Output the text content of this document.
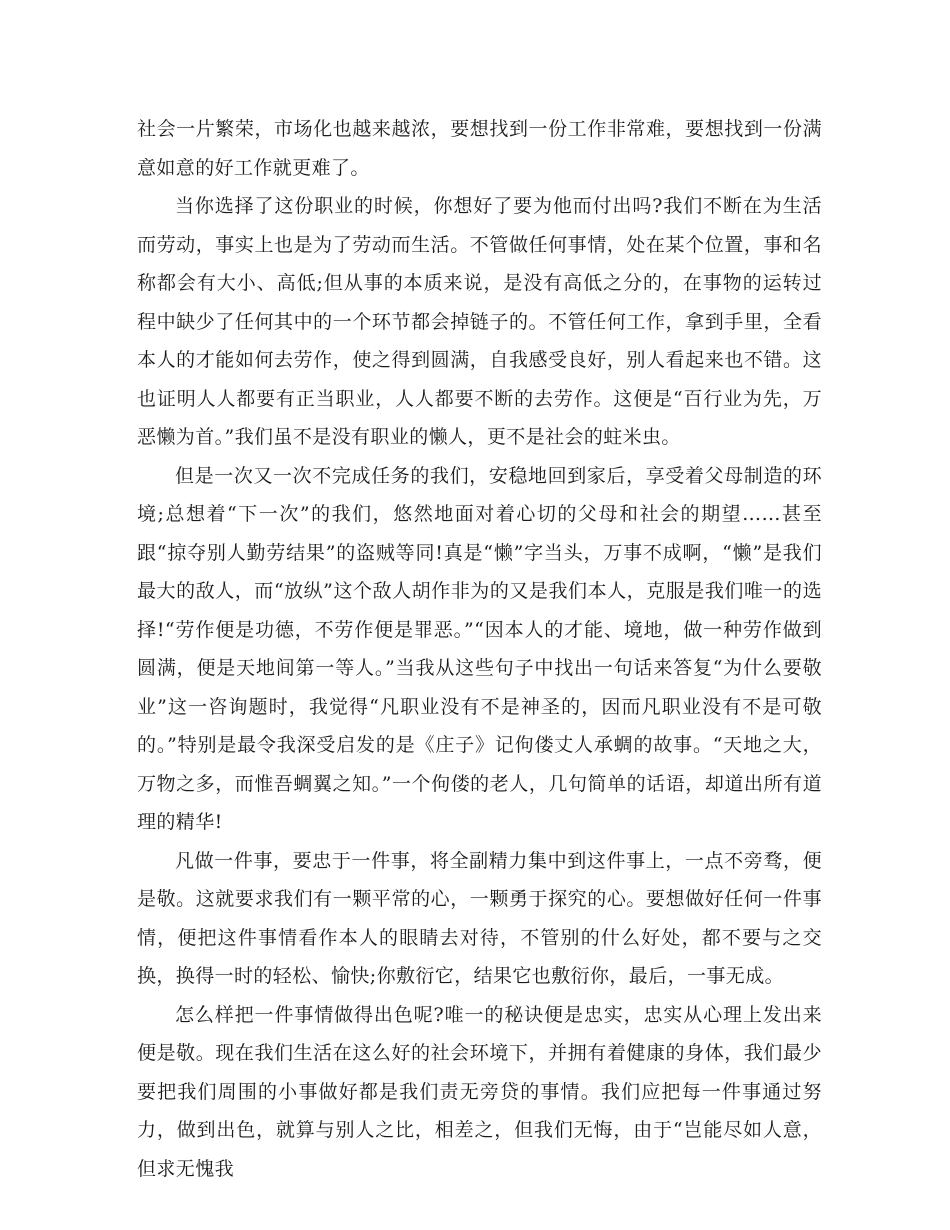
社会一片繁荣，市场化也越来越浓，要想找到一份工作非常难，要想找到一份满意如意的好工作就更难了。

当你选择了这份职业的时候，你想好了要为他而付出吗?我们不断在为生活而劳动，事实上也是为了劳动而生活。不管做任何事情，处在某个位置，事和名称都会有大小、高低;但从事的本质来说，是没有高低之分的，在事物的运转过程中缺少了任何其中的一个环节都会掉链子的。不管任何工作，拿到手里，全看本人的才能如何去劳作，使之得到圆满，自我感受良好，别人看起来也不错。这也证明人人都要有正当职业，人人都要不断的去劳作。这便是“百行业为先，万恶懒为首。”我们虽不是没有职业的懒人，更不是社会的蛀米虫。

但是一次又一次不完成任务的我们，安稳地回到家后，享受着父母制造的环境;总想着“下一次”的我们，悠然地面对着心切的父母和社会的期望……甚至跟“掠夺别人勤劳结果”的盗贼等同!真是“懒”字当头，万事不成啊，“懒”是我们最大的敌人，而“放纵”这个敌人胡作非为的又是我们本人，克服是我们唯一的选择!“劳作便是功德，不劳作便是罪恶。”“因本人的才能、境地，做一种劳作做到圆满，便是天地间第一等人。”当我从这些句子中找出一句话来答复“为什么要敬业”这一咨询题时，我觉得“凡职业没有不是神圣的，因而凡职业没有不是可敬的。”特别是最令我深受启发的是《庄子》记佝偻丈人承蜩的故事。“天地之大，万物之多，而惟吾蜩翼之知。”一个佝偻的老人，几句简单的话语，却道出所有道理的精华!

凡做一件事，要忠于一件事，将全副精力集中到这件事上，一点不旁骛，便是敬。这就要求我们有一颗平常的心，一颗勇于探究的心。要想做好任何一件事情，便把这件事情看作本人的眼睛去对待，不管别的什么好处，都不要与之交换，换得一时的轻松、愉快;你敷衍它，结果它也敷衍你，最后，一事无成。

怎么样把一件事情做得出色呢?唯一的秘诀便是忠实，忠实从心理上发出来便是敬。现在我们生活在这么好的社会环境下，并拥有着健康的身体，我们最少要把我们周围的小事做好都是我们责无旁贷的事情。我们应把每一件事通过努力，做到出色，就算与别人之比，相差之，但我们无悔，由于“岂能尽如人意，但求无愧我
